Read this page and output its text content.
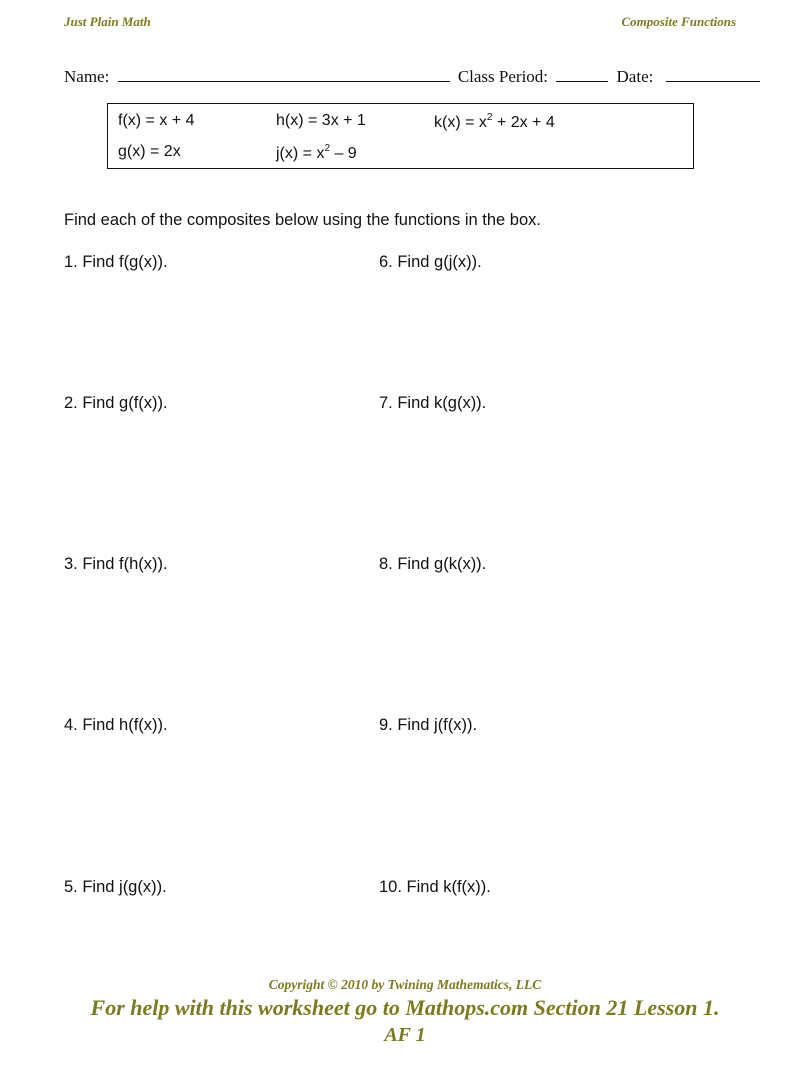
Just Plain Math	Composite Functions
Name:	Class Period:	Date:
f(x) = x + 4	h(x) = 3x + 1	$k(x) = x^2 + 2x + 4$
g(x) = 2x	$j(x) = x^2 - 9$
Find each of the composites below using the functions in the box.
1. Find f(g(x)).
2. Find g(f(x)).
3. Find f(h(x)).
4. Find h(f(x)).
5. Find j(g(x)).
6. Find g(j(x)).
7. Find k(g(x)).
8. Find g(k(x)).
9. Find j(f(x)).
10. Find k(f(x)).
Copyright © 2010 by Twining Mathematics, LLC
For help with this worksheet go to Mathops.com Section 21 Lesson 1.
AF 1
